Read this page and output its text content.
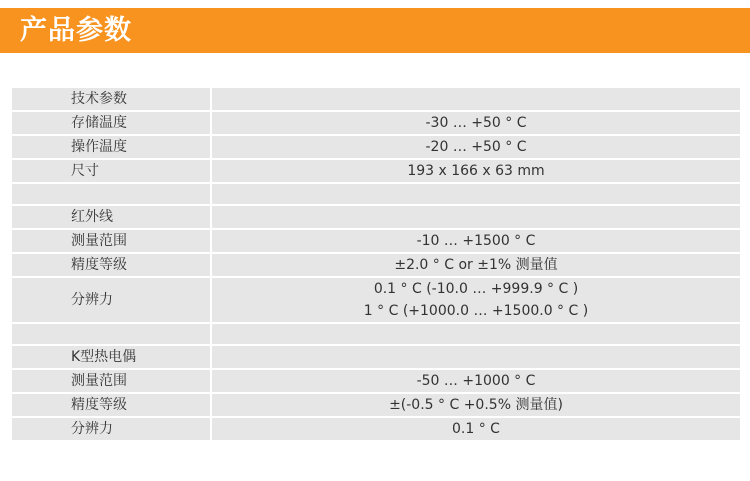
产品参数
技术参数	

存储温度	-30 … +50 ° C

操作温度	-20 … +50 ° C

尺寸	193 x 166 x 63 mm

红外线	

测量范围	-10 … +1500 ° C

精度等级	±2.0 ° C or ±1% 测量值

分辨力	0.1 ° C (-10.0 … +999.9 ° C )
1 ° C (+1000.0 … +1500.0 ° C )

K型热电偶	

测量范围	-50 … +1000 ° C

精度等级	±(-0.5 ° C +0.5% 测量值)

分辨力	0.1 ° C
